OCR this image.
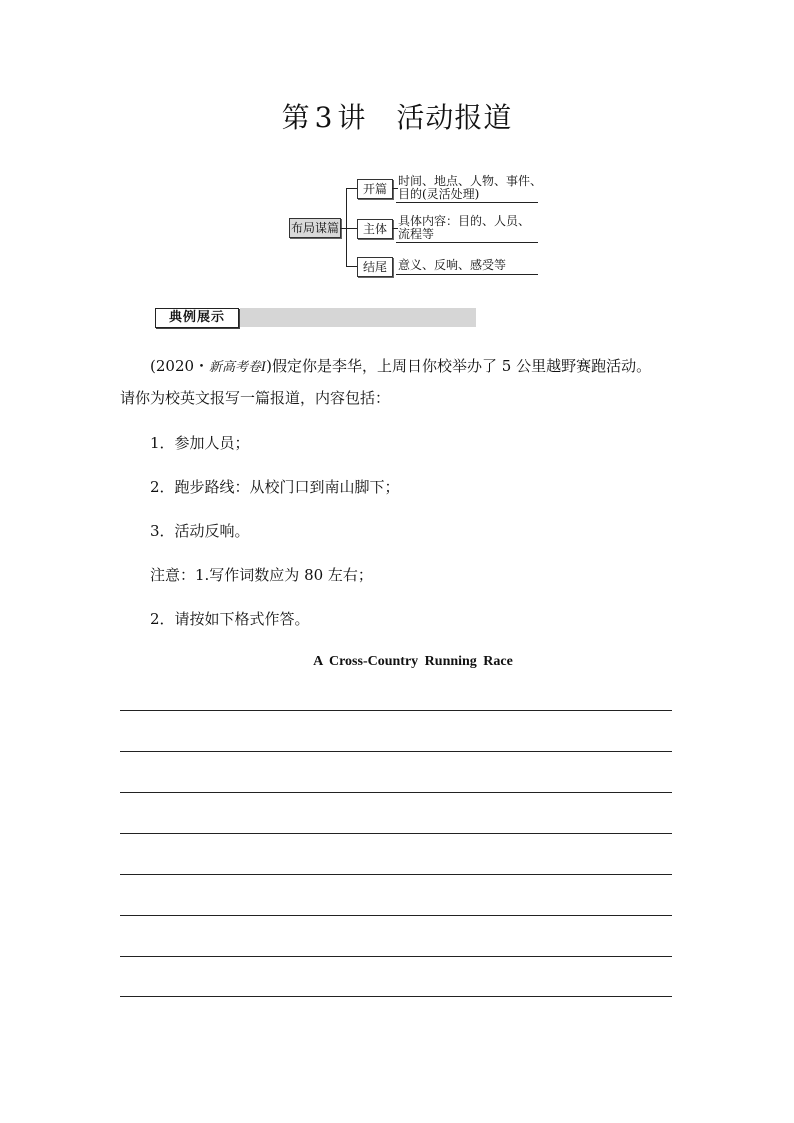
第 3 讲 活动报道
布局谋篇
开篇
时间、地点、人物、事件、
目的(灵活处理)
主体
具体内容：目的、人员、
流程等
结尾 意义、反响、感受等
典例展示
(2020・新高考卷Ⅰ)假定你是李华，上周日你校举办了 5 公里越野赛跑活动。
请你为校英文报写一篇报道，内容包括：
1．参加人员；
2．跑步路线：从校门口到南山脚下；
3．活动反响。
注意：1.写作词数应为 80 左右；
2．请按如下格式作答。
A Cross-Country Running Race
